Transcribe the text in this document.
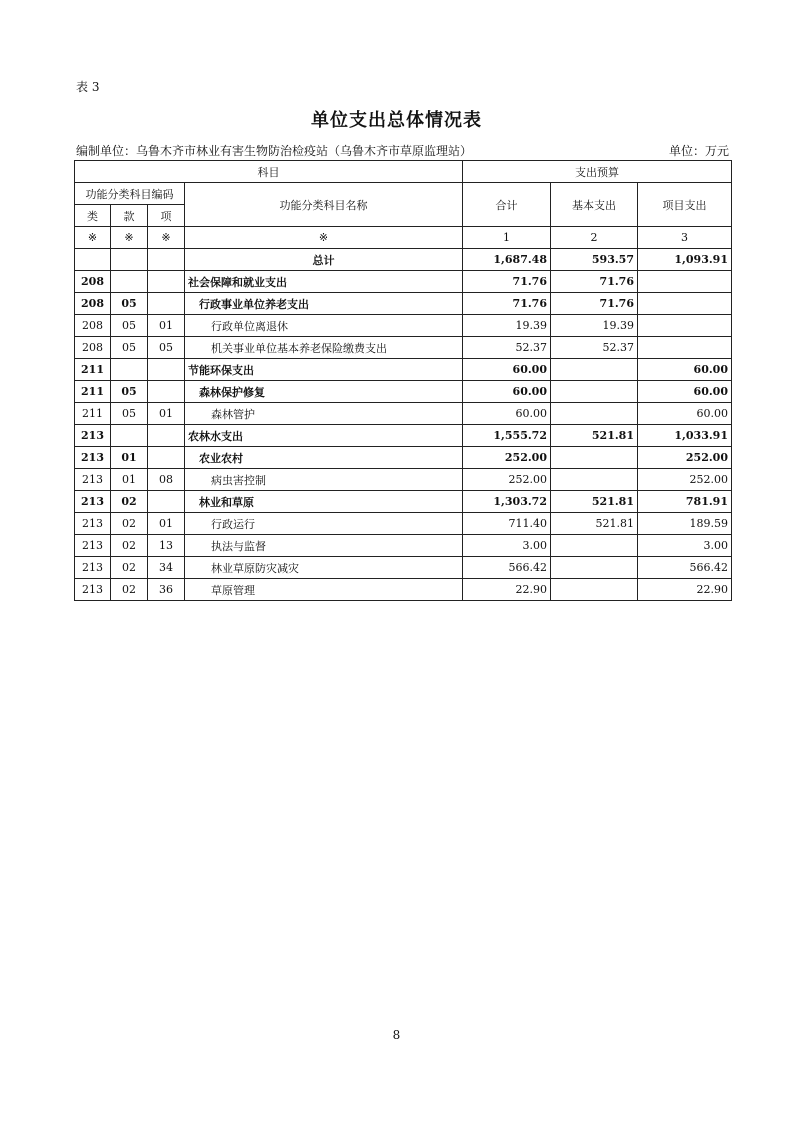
表 3
单位支出总体情况表
编制单位：乌鲁木齐市林业有害生物防治检疫站（乌鲁木齐市草原监理站）	单位：万元
科目				支出预算		
功能分类科目编码			功能分类科目名称	合计	基本支出	项目支出
类	款	项				
※	※	※	※	1	2	3
			总计	1,687.48	593.57	1,093.91
208			社会保障和就业支出	71.76	71.76	
208	05		行政事业单位养老支出	71.76	71.76	
208	05	01	行政单位离退休	19.39	19.39	
208	05	05	机关事业单位基本养老保险缴费支出	52.37	52.37	
211			节能环保支出	60.00		60.00
211	05		森林保护修复	60.00		60.00
211	05	01	森林管护	60.00		60.00
213			农林水支出	1,555.72	521.81	1,033.91
213	01		农业农村	252.00		252.00
213	01	08	病虫害控制	252.00		252.00
213	02		林业和草原	1,303.72	521.81	781.91
213	02	01	行政运行	711.40	521.81	189.59
213	02	13	执法与监督	3.00		3.00
213	02	34	林业草原防灾减灾	566.42		566.42
213	02	36	草原管理	22.90		22.90
8
